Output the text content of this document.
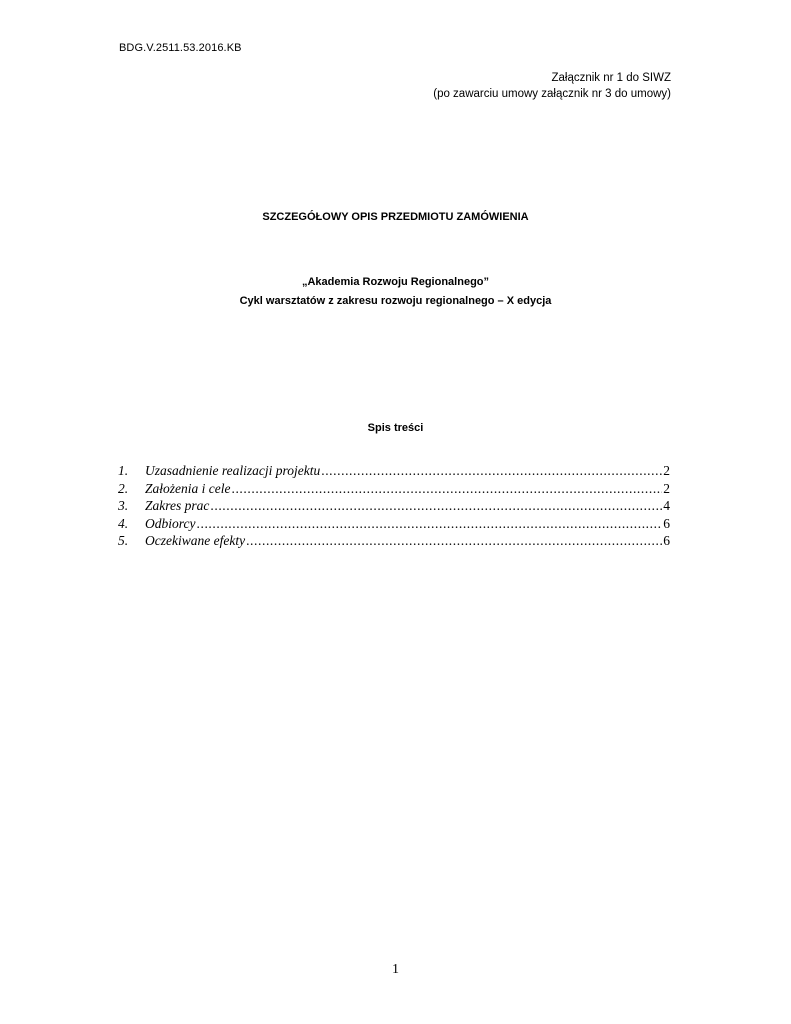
BDG.V.2511.53.2016.KB
Załącznik nr 1 do SIWZ
(po zawarciu umowy załącznik nr 3 do umowy)
SZCZEGÓŁOWY OPIS PRZEDMIOTU ZAMÓWIENIA
„Akademia Rozwoju Regionalnego”
Cykl warsztatów z zakresu rozwoju regionalnego – X edycja
Spis treści
1.	Uzasadnienie realizacji projektu .....	2
2.	Założenia i cele .....	2
3.	Zakres prac .....	4
4.	Odbiorcy .....	6
5.	Oczekiwane efekty .....	6
1
